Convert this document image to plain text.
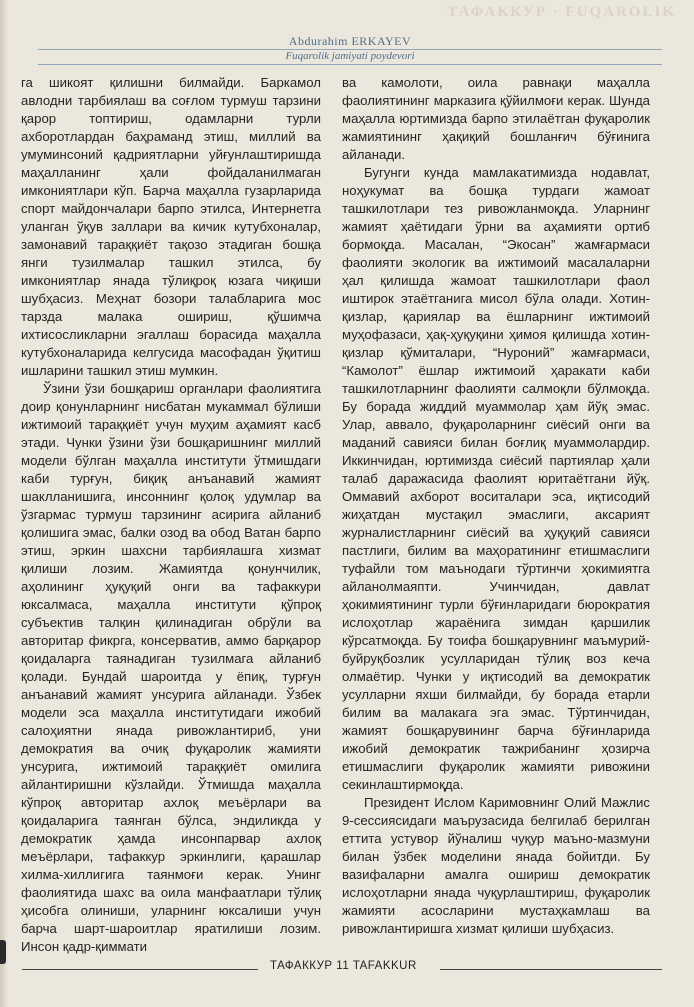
ТАФАККУР · FUQAROLIK
Abdurahim ERKAYEV
Fuqarolik jamiyati poydevori

га шикоят қилишни билмайди. Баркамол авлодни тарбиялаш ва соғлом турмуш тарзини қарор топтириш, одамларни турли ахборотлардан баҳраманд этиш, миллий ва умуминсоний қадриятларни уйғунлаштиришда маҳалланинг ҳали фойдаланилмаган имкониятлари кўп. Барча маҳалла гузарларида спорт майдончалари барпо этилса, Интернетга уланган ўқув заллари ва кичик кутубхоналар, замонавий тараққиёт тақозо этадиган бошқа янги тузилмалар ташкил этилса, бу имкониятлар янада тўлиқроқ юзага чиқиши шубҳасиз. Меҳнат бозори талабларига мос тарзда малака ошириш, қўшимча ихтисосликларни эгаллаш борасида маҳалла кутубхоналарида келгусида масофадан ўқитиш ишларини ташкил этиш мумкин.

Ўзини ўзи бошқариш органлари фаолиятига доир қонунларнинг нисбатан мукаммал бўлиши ижтимоий тараққиёт учун муҳим аҳамият касб этади. Чунки ўзини ўзи бошқаришнинг миллий модели бўлган маҳалла институти ўтмишдаги каби турғун, биқиқ анъанавий жамият шаклланишига, инсоннинг қолоқ удумлар ва ўзгармас турмуш тарзининг асирига айланиб қолишига эмас, балки озод ва обод Ватан барпо этиш, эркин шахсни тарбиялашга хизмат қилиши лозим. Жамиятда қонунчилик, аҳолининг ҳуқуқий онги ва тафаккури юксалмаса, маҳалла институти қўпроқ субъектив талқин қилинадиган обрўли ва авторитар фикрга, консерватив, аммо барқарор қоидаларга таянадиган тузилмага айланиб қолади. Бундай шароитда у ёпиқ, турғун анъанавий жамият унсурига айланади. Ўзбек модели эса маҳалла институтидаги ижобий салоҳиятни янада ривожлантириб, уни демократия ва очиқ фуқаролик жамияти унсурига, ижтимоий тараққиёт омилига айлантиришни кўзлайди. Ўтмишда маҳалла кўпроқ авторитар ахлоқ меъёрлари ва қоидаларига таянган бўлса, эндиликда у демократик ҳамда инсонпарвар ахлоқ меъёрлари, тафаккур эркинлиги, қарашлар хилма-хиллигига таянмоғи керак. Унинг фаолиятида шахс ва оила манфаатлари тўлиқ ҳисобга олиниши, уларнинг юксалиши учун барча шарт-шароитлар яратилиши лозим. Инсон қадр-қиммати

ва камолоти, оила равнақи маҳалла фаолиятининг марказига қўйилмоғи керак. Шунда маҳалла юртимизда барпо этилаётган фуқаролик жамиятининг ҳақиқий бошланғич бўғинига айланади.

Бугунги кунда мамлакатимизда нодавлат, ноҳукумат ва бошқа турдаги жамоат ташкилотлари тез ривожланмоқда. Уларнинг жамият ҳаётидаги ўрни ва аҳамияти ортиб бормоқда. Масалан, “Экосан” жамғармаси фаолияти экологик ва ижтимоий масалаларни ҳал қилишда жамоат ташкилотлари фаол иштирок этаётганига мисол бўла олади. Хотин-қизлар, қариялар ва ёшларнинг ижтимоий муҳофазаси, ҳақ-ҳуқуқини ҳимоя қилишда хотин-қизлар қўмиталари, “Нуроний” жамғармаси, “Камолот” ёшлар ижтимоий ҳаракати каби ташкилотларнинг фаолияти салмоқли бўлмоқда. Бу борада жиддий муаммолар ҳам йўқ эмас. Улар, аввало, фуқароларнинг сиёсий онги ва маданий савияси билан боғлиқ муаммолардир. Иккинчидан, юртимизда сиёсий партиялар ҳали талаб даражасида фаолият юритаётгани йўқ. Оммавий ахборот воситалари эса, иқтисодий жиҳатдан мустақил эмаслиги, аксарият журналистларнинг сиёсий ва ҳуқуқий савияси пастлиги, билим ва маҳоратининг етишмаслиги туфайли том маънодаги тўртинчи ҳокимиятга айланолмаяпти. Учинчидан, давлат ҳокимиятининг турли бўғинларидаги бюрократия ислоҳотлар жараёнига зимдан қаршилик кўрсатмоқда. Бу тоифа бошқарувнинг маъмурий-буйруқбозлик усуллаpидан тўлиқ воз кеча олмаётир. Чунки у иқтисодий ва демократик усулларни яхши билмайди, бу борада етарли билим ва малакага эга эмас. Тўртинчидан, жамият бошқарувининг барча бўғинларида ижобий демократик тажрибанинг ҳозирча етишмаслиги фуқаролик жамияти ривожини секинлаштирмоқда.

Президент Ислом Каримовнинг Олий Мажлис 9-сессиясидаги маърузасида белгилаб берилган еттита устувор йўналиш чуқур маъно-мазмуни билан ўзбек моделини янада бойитди. Бу вазифаларни амалга ошириш демократик ислоҳотларни янада чуқурлаштириш, фуқаролик жамияти асосларини мустаҳкамлаш ва ривожлантиришга хизмат қилиши шубҳасиз.

ТАФАККУР 11 TAFAKKUR
